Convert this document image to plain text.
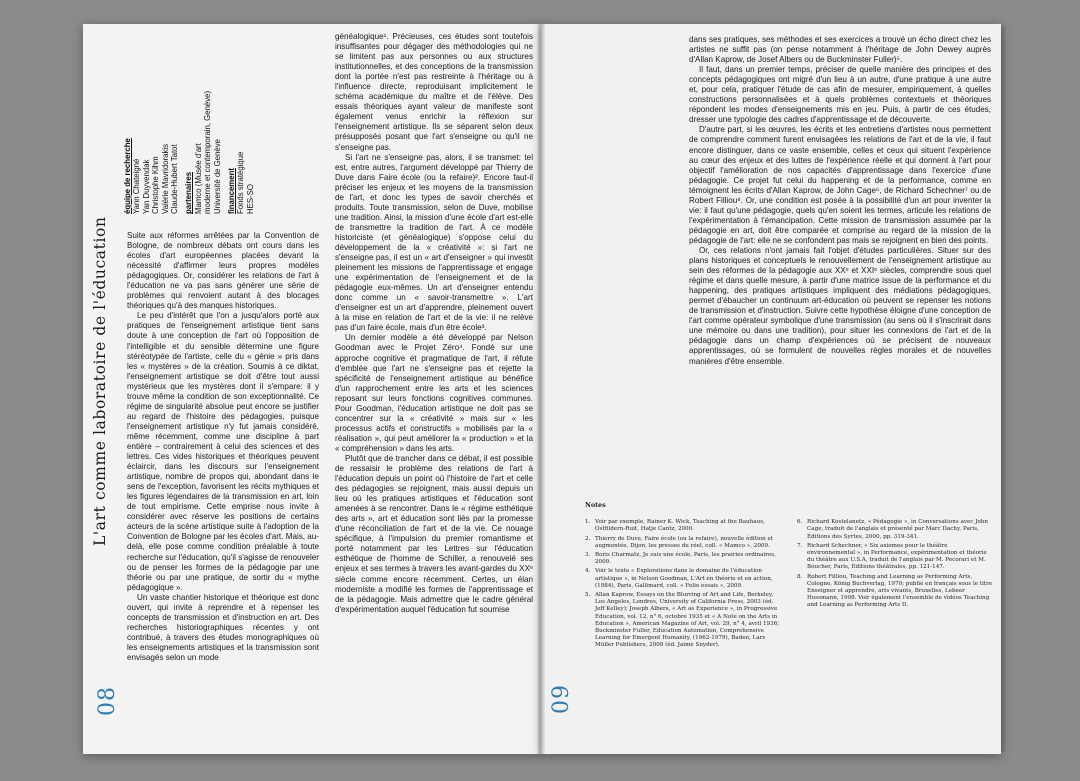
équipe de recherche Yann Chateigné Yan Duyvendak Christophe Kihm Valérie Mavridorakis Claude-Hubert Tatot partenaires Mamco (Musée d'art moderne et contemporain, Genève) Université de Genève financement Fonds stratégique HES-SO
L'art comme laboratoire de l'éducation Suite aux réformes arrêtées par la Convention de Bologne, de nombreux débats ont cours dans les écoles d'art européennes placées devant la nécessité d'affirmer leurs propres modèles pédagogiques. Or, considérer les relations de l'art à l'éducation ne va pas sans générer une série de problèmes qui renvoient autant à des blocages théoriques qu'à des manques historiques.

Le peu d'intérêt que l'on a jusqu'alors porté aux pratiques de l'enseignement artistique tient sans doute à une conception de l'art où l'opposition de l'intelligible et du sensible détermine une figure stéréotypée de l'artiste, celle du « génie » pris dans les « mystères » de la création. Soumis à ce diktat, l'enseignement artistique se doit d'être tout aussi mystérieux que les mystères dont il s'empare: il y trouve même la condition de son exceptionnalité. Ce régime de singularité absolue peut encore se justifier au regard de l'histoire des pédagogies, puisque l'enseignement artistique n'y fut jamais considéré, même récemment, comme une discipline à part entière – contrairement à celui des sciences et des lettres. Ces vides historiques et théoriques peuvent éclaircir, dans les discours sur l'enseignement artistique, nombre de propos qui, abondant dans le sens de l'exception, favorisent les récits mythiques et les figures légendaires de la transmission en art, loin de tout empirisme. Cette emprise nous invite à considérer avec réserve les positions de certains acteurs de la scène artistique suite à l'adoption de la Convention de Bologne par les écoles d'art. Mais, au-delà, elle pose comme condition préalable à toute recherche sur l'éducation, qu'il s'agisse de renouveler ou de penser les formes de la pédagogie par une théorie ou par une pratique, de sortir du « mythe pédagogique ».

Un vaste chantier historique et théorique est donc ouvert, qui invite à reprendre et à repenser les concepts de transmission et d'instruction en art. Des recherches historiographiques récentes y ont contribué, à travers des études monographiques où les enseignements artistiques et la transmission sont envisagés selon un mode

généalogique¹. Précieuses, ces études sont toutefois insuffisantes pour dégager des méthodologies qui ne se limitent pas aux personnes ou aux structures institutionnelles, et des conceptions de la transmission dont la portée n'est pas restreinte à l'héritage ou à l'influence directe, reproduisant implicitement le schéma académique du maître et de l'élève. Des essais théoriques ayant valeur de manifeste sont également venus enrichir la réflexion sur l'enseignement artistique. Ils se séparent selon deux présupposés posant que l'art s'enseigne ou qu'il ne s'enseigne pas.

Si l'art ne s'enseigne pas, alors, il se transmet: tel est, entre autres, l'argument développé par Thierry de Duve dans Faire école (ou la refaire)². Encore faut-il préciser les enjeux et les moyens de la transmission de l'art, et donc les types de savoir cherchés et produits. Toute transmission, selon de Duve, mobilise une tradition. Ainsi, la mission d'une école d'art est-elle de transmettre la tradition de l'art. À ce modèle historiciste (et généalogique) s'oppose celui du développement de la « créativité »: si l'art ne s'enseigne pas, il est un « art d'enseigner » qui investit pleinement les missions de l'apprentissage et engage une expérimentation de l'enseignement et de la pédagogie eux-mêmes. Un art d'enseigner entendu donc comme un « savoir-transmettre ». L'art d'enseigner est un art d'apprendre, pleinement ouvert à la mise en relation de l'art et de la vie: il ne relève pas d'un faire école, mais d'un être école³.

Un dernier modèle a été développé par Nelson Goodman avec le Projet Zéro⁴. Fondé sur une approche cognitive et pragmatique de l'art, il réfute d'emblée que l'art ne s'enseigne pas et rejette la spécificité de l'enseignement artistique au bénéfice d'un rapprochement entre les arts et les sciences reposant sur leurs fonctions cognitives communes. Pour Goodman, l'éducation artistique ne doit pas se concentrer sur la « créativité » mais sur « les processus actifs et constructifs » mobilisés par la « réalisation », qui peut améliorer la « production » et la « compréhension » dans les arts.

Plutôt que de trancher dans ce débat, il est possible de ressaisir le problème des relations de l'art à l'éducation depuis un point où l'histoire de l'art et celle des pédagogies se rejoignent, mais aussi depuis un lieu où les pratiques artistiques et l'éducation sont amenées à se rencontrer. Dans le « régime esthétique des arts », art et éducation sont liés par la promesse d'une réconciliation de l'art et de la vie. Ce nouage spécifique, à l'impulsion du premier romantisme et porté notamment par les Lettres sur l'éducation esthétique de l'homme de Schiller, a renouvelé ses enjeux et ses termes à travers les avant-gardes du XXᵉ siècle comme encore récemment. Certes, un élan moderniste a modifié les formes de l'apprentissage et de la pédagogie. Mais admettre que le cadre général d'expérimentation auquel l'éducation fut soumise

08

dans ses pratiques, ses méthodes et ses exercices a trouvé un écho direct chez les artistes ne suffit pas (on pense notamment à l'héritage de John Dewey auprès d'Allan Kaprow, de Josef Albers ou de Buckminster Fuller)⁵.

Il faut, dans un premier temps, préciser de quelle manière des principes et des concepts pédagogiques ont migré d'un lieu à un autre, d'une pratique à une autre et, pour cela, pratiquer l'étude de cas afin de mesurer, empiriquement, à quelles constructions personnalisées et à quels problèmes contextuels et théoriques répondent les modes d'enseignements mis en jeu. Puis, à partir de ces études, dresser une typologie des cadres d'apprentissage et de découverte.

D'autre part, si les œuvres, les écrits et les entretiens d'artistes nous permettent de comprendre comment furent envisagées les relations de l'art et de la vie, il faut encore distinguer, dans ce vaste ensemble, celles et ceux qui situent l'expérience au cœur des enjeux et des luttes de l'expérience réelle et qui donnent à l'art pour objectif l'amélioration de nos capacités d'apprentissage dans l'exercice d'une pédagogie. Ce projet fut celui du happening et de la performance, comme en témoignent les écrits d'Allan Kaprow, de John Cage⁶, de Richard Schechner⁷ ou de Robert Filliou⁸. Or, une condition est posée à la possibilité d'un art pour inventer la vie: il faut qu'une pédagogie, quels qu'en soient les termes, articule les relations de l'expérimentation à l'émancipation. Cette mission de transmission assumée par la pédagogie en art, doit être comparée et comprise au regard de la mission de la pédagogie de l'art: elle ne se confondent pas mais se rejoignent en bien des points.

Or, ces relations n'ont jamais fait l'objet d'études particulières. Situer sur des plans historiques et conceptuels le renouvellement de l'enseignement artistique au sein des réformes de la pédagogie aux XXᵉ et XXIᵉ siècles, comprendre sous quel régime et dans quelle mesure, à partir d'une matrice issue de la performance et du happening, des pratiques artistiques impliquent des médiations pédagogiques, permet d'ébaucher un continuum art-éducation où peuvent se repenser les notions de transmission et d'instruction. Suivre cette hypothèse éloigne d'une conception de l'art comme opérateur symbolique d'une transmission (au sens où il s'inscrirait dans une mémoire ou dans une tradition), pour situer les connexions de l'art et de la pédagogie dans un champ d'expériences où se précisent de nouveaux apprentissages, où se formulent de nouvelles règles morales et de nouvelles manières d'être ensemble.

Notes
1. Voir par exemple, Rainer K. Wick, Teaching at the Bauhaus, Ostfildern-Ruit, Hatje Cantz, 2000.
2. Thierry de Duve, Faire école (ou la refaire), nouvelle édition et augmentée, Dijon, les presses du réel, coll. « Mamco », 2009.
3. Boris Charmatz, Je suis une école, Paris, les prairies ordinaires, 2009.
4. Voir le texte « Explorations dans le domaine de l'éducation artistique », in Nelson Goodman, L'Art en théorie et en action, (1984), Paris, Gallimard, coll. « Folio essais », 2009.
5. Allan Kaprow, Essays on the Blurring of Art and Life, Berkeley, Los Angeles, Londres, University of California Press, 2003 (éd. Jeff Kelley); Joseph Albers, « Art as Experience », in Progressive Education, vol. 12, n° 6, octobre 1935 et « A Note on the Arts in Education », American Magazine of Art, vol. 29, n° 4, avril 1936; Buckminster Fuller, Education Automation, Comprehensive Learning for Emergent Humanity, (1962-1979), Baden, Lars Müller Publishers, 2009 (éd. Jaime Snyder).
6. Richard Kostelanetz, « Pédagogie », in Conversations avec John Cage, traduit de l'anglais et présenté par Marc Dachy, Paris, Éditions des Syrtes, 2000, pp. 319-341.
7. Richard Schechner, « Six axiomes pour le théâtre environnemental », in Performance, expérimentation et théorie du théâtre aux U.S.A, traduit de l'anglais par M. Pecorari et M. Boucher, Paris, Éditions théâtrales, pp. 121-147.
8. Robert Filliou, Teaching and Learning as Performing Arts, Cologne, König Buchverlag, 1970; publié en français sous le titre Enseigner et apprendre, arts vivants, Bruxelles, Lebeer Hossmann, 1998. Voir également l'ensemble de vidéos Teaching and Learning as Performing Arts II.
09
